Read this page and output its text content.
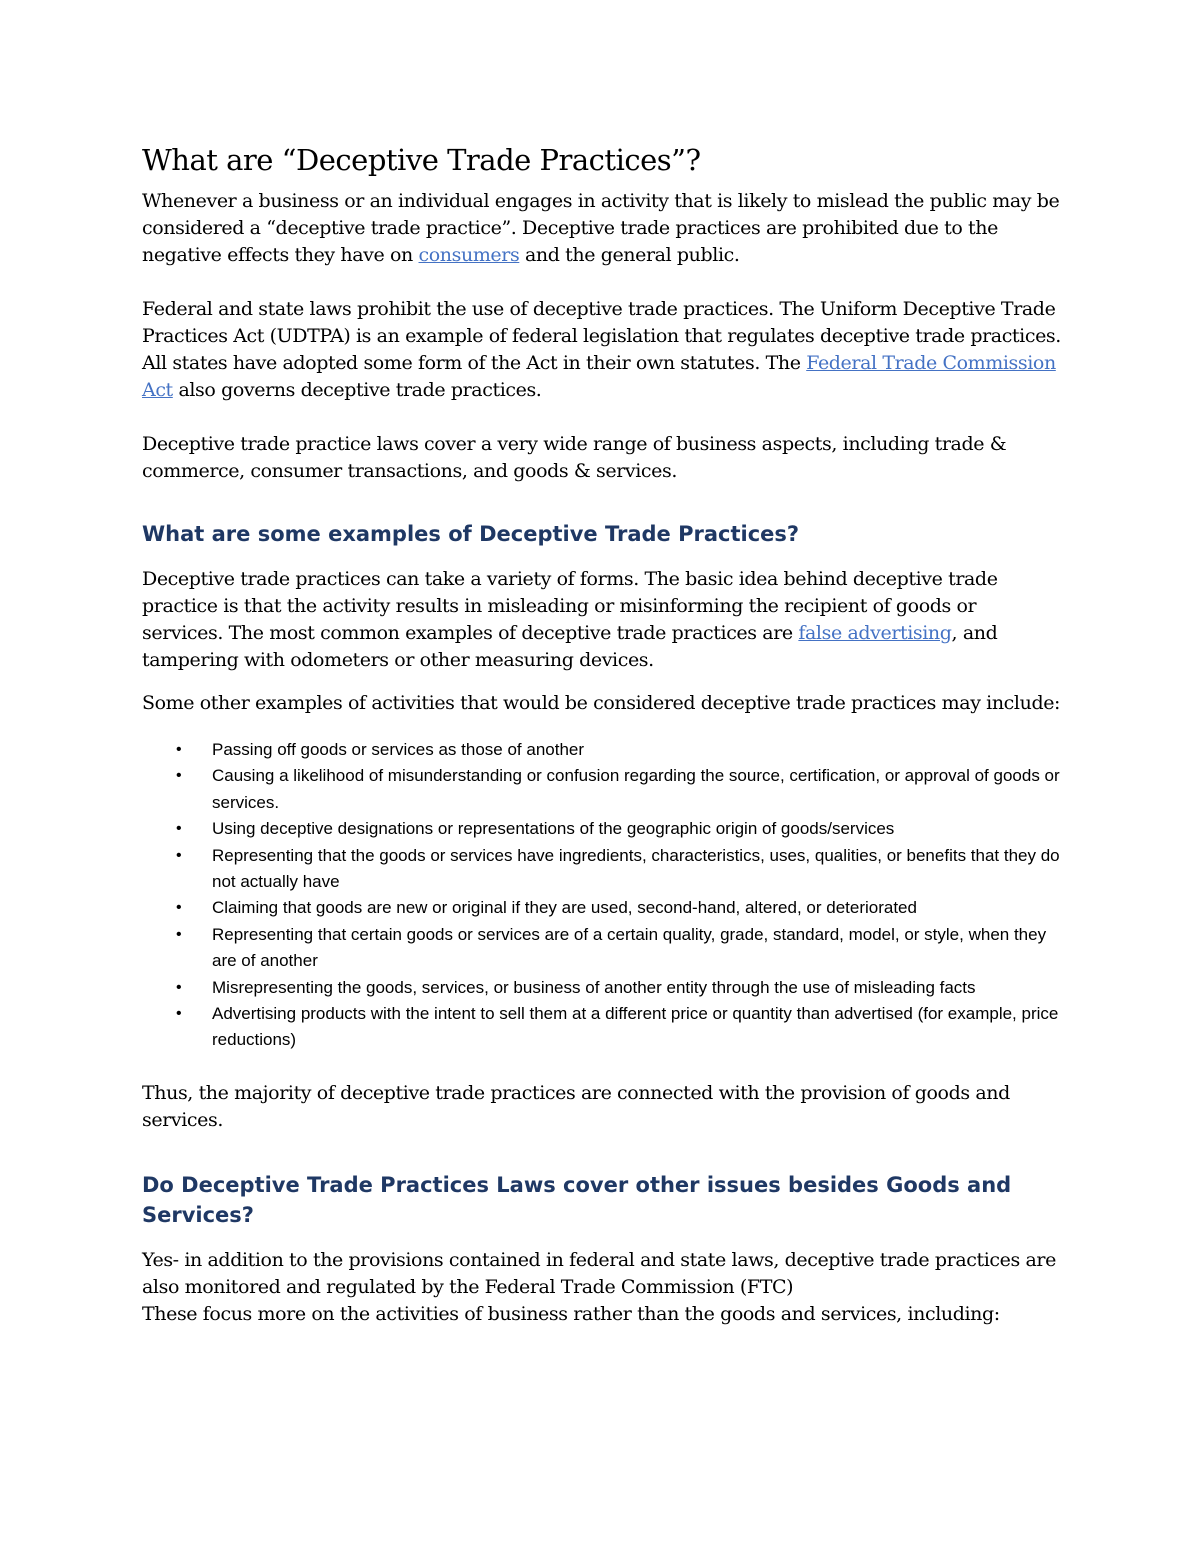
What are “Deceptive Trade Practices”?

Whenever a business or an individual engages in activity that is likely to mislead the public may be considered a “deceptive trade practice”. Deceptive trade practices are prohibited due to the negative effects they have on consumers and the general public.

Federal and state laws prohibit the use of deceptive trade practices. The Uniform Deceptive Trade Practices Act (UDTPA) is an example of federal legislation that regulates deceptive trade practices. All states have adopted some form of the Act in their own statutes. The Federal Trade Commission Act also governs deceptive trade practices.

Deceptive trade practice laws cover a very wide range of business aspects, including trade & commerce, consumer transactions, and goods & services.

What are some examples of Deceptive Trade Practices?

Deceptive trade practices can take a variety of forms. The basic idea behind deceptive trade practice is that the activity results in misleading or misinforming the recipient of goods or services. The most common examples of deceptive trade practices are false advertising, and tampering with odometers or other measuring devices.

Some other examples of activities that would be considered deceptive trade practices may include:

• Passing off goods or services as those of another
• Causing a likelihood of misunderstanding or confusion regarding the source, certification, or approval of goods or services.
• Using deceptive designations or representations of the geographic origin of goods/services
• Representing that the goods or services have ingredients, characteristics, uses, qualities, or benefits that they do not actually have
• Claiming that goods are new or original if they are used, second-hand, altered, or deteriorated
• Representing that certain goods or services are of a certain quality, grade, standard, model, or style, when they are of another
• Misrepresenting the goods, services, or business of another entity through the use of misleading facts
• Advertising products with the intent to sell them at a different price or quantity than advertised (for example, price reductions)

Thus, the majority of deceptive trade practices are connected with the provision of goods and services.

Do Deceptive Trade Practices Laws cover other issues besides Goods and Services?

Yes- in addition to the provisions contained in federal and state laws, deceptive trade practices are also monitored and regulated by the Federal Trade Commission (FTC)

These focus more on the activities of business rather than the goods and services, including:
